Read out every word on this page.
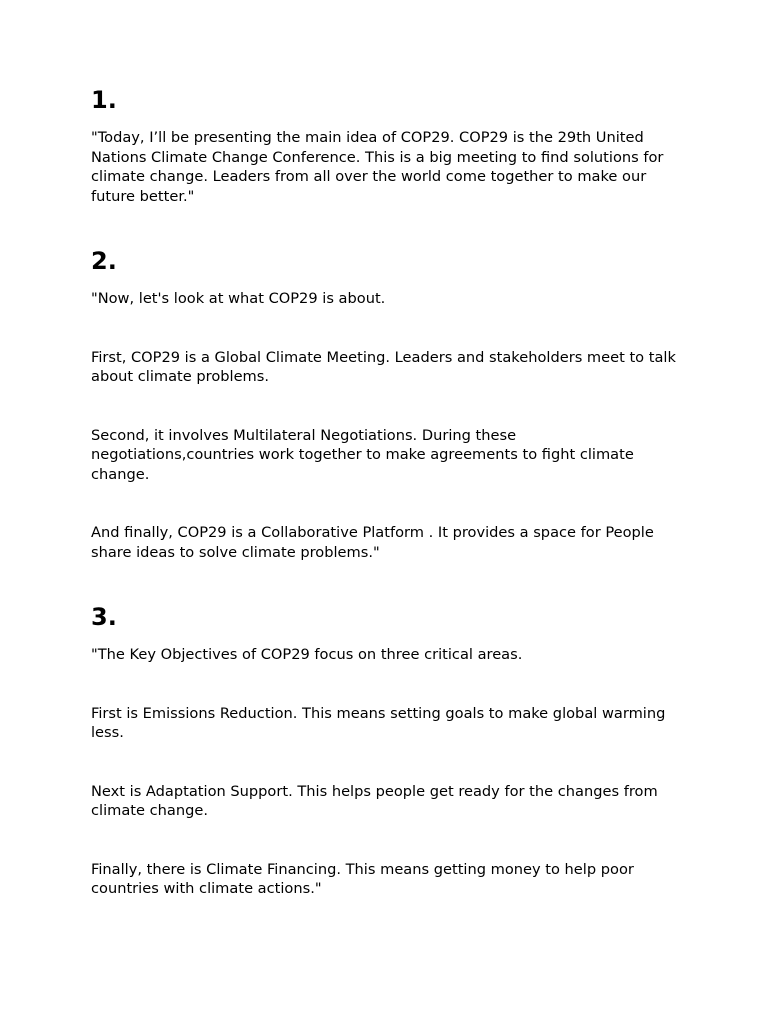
1.

"Today, I’ll be presenting the main idea of COP29. COP29 is the 29th United Nations Climate Change Conference. This is a big meeting to find solutions for climate change. Leaders from all over the world come together to make our future better."

2.

"Now, let's look at what COP29 is about.

First, COP29 is a Global Climate Meeting. Leaders and stakeholders meet to talk about climate problems.

Second, it involves Multilateral Negotiations. During these negotiations,countries work together to make agreements to fight climate change.

And finally, COP29 is a Collaborative Platform . It provides a space for People share ideas to solve climate problems."

3.

"The Key Objectives of COP29 focus on three critical areas.

First is Emissions Reduction. This means setting goals to make global warming less.

Next is Adaptation Support. This helps people get ready for the changes from climate change.

Finally, there is Climate Financing. This means getting money to help poor countries with climate actions."
